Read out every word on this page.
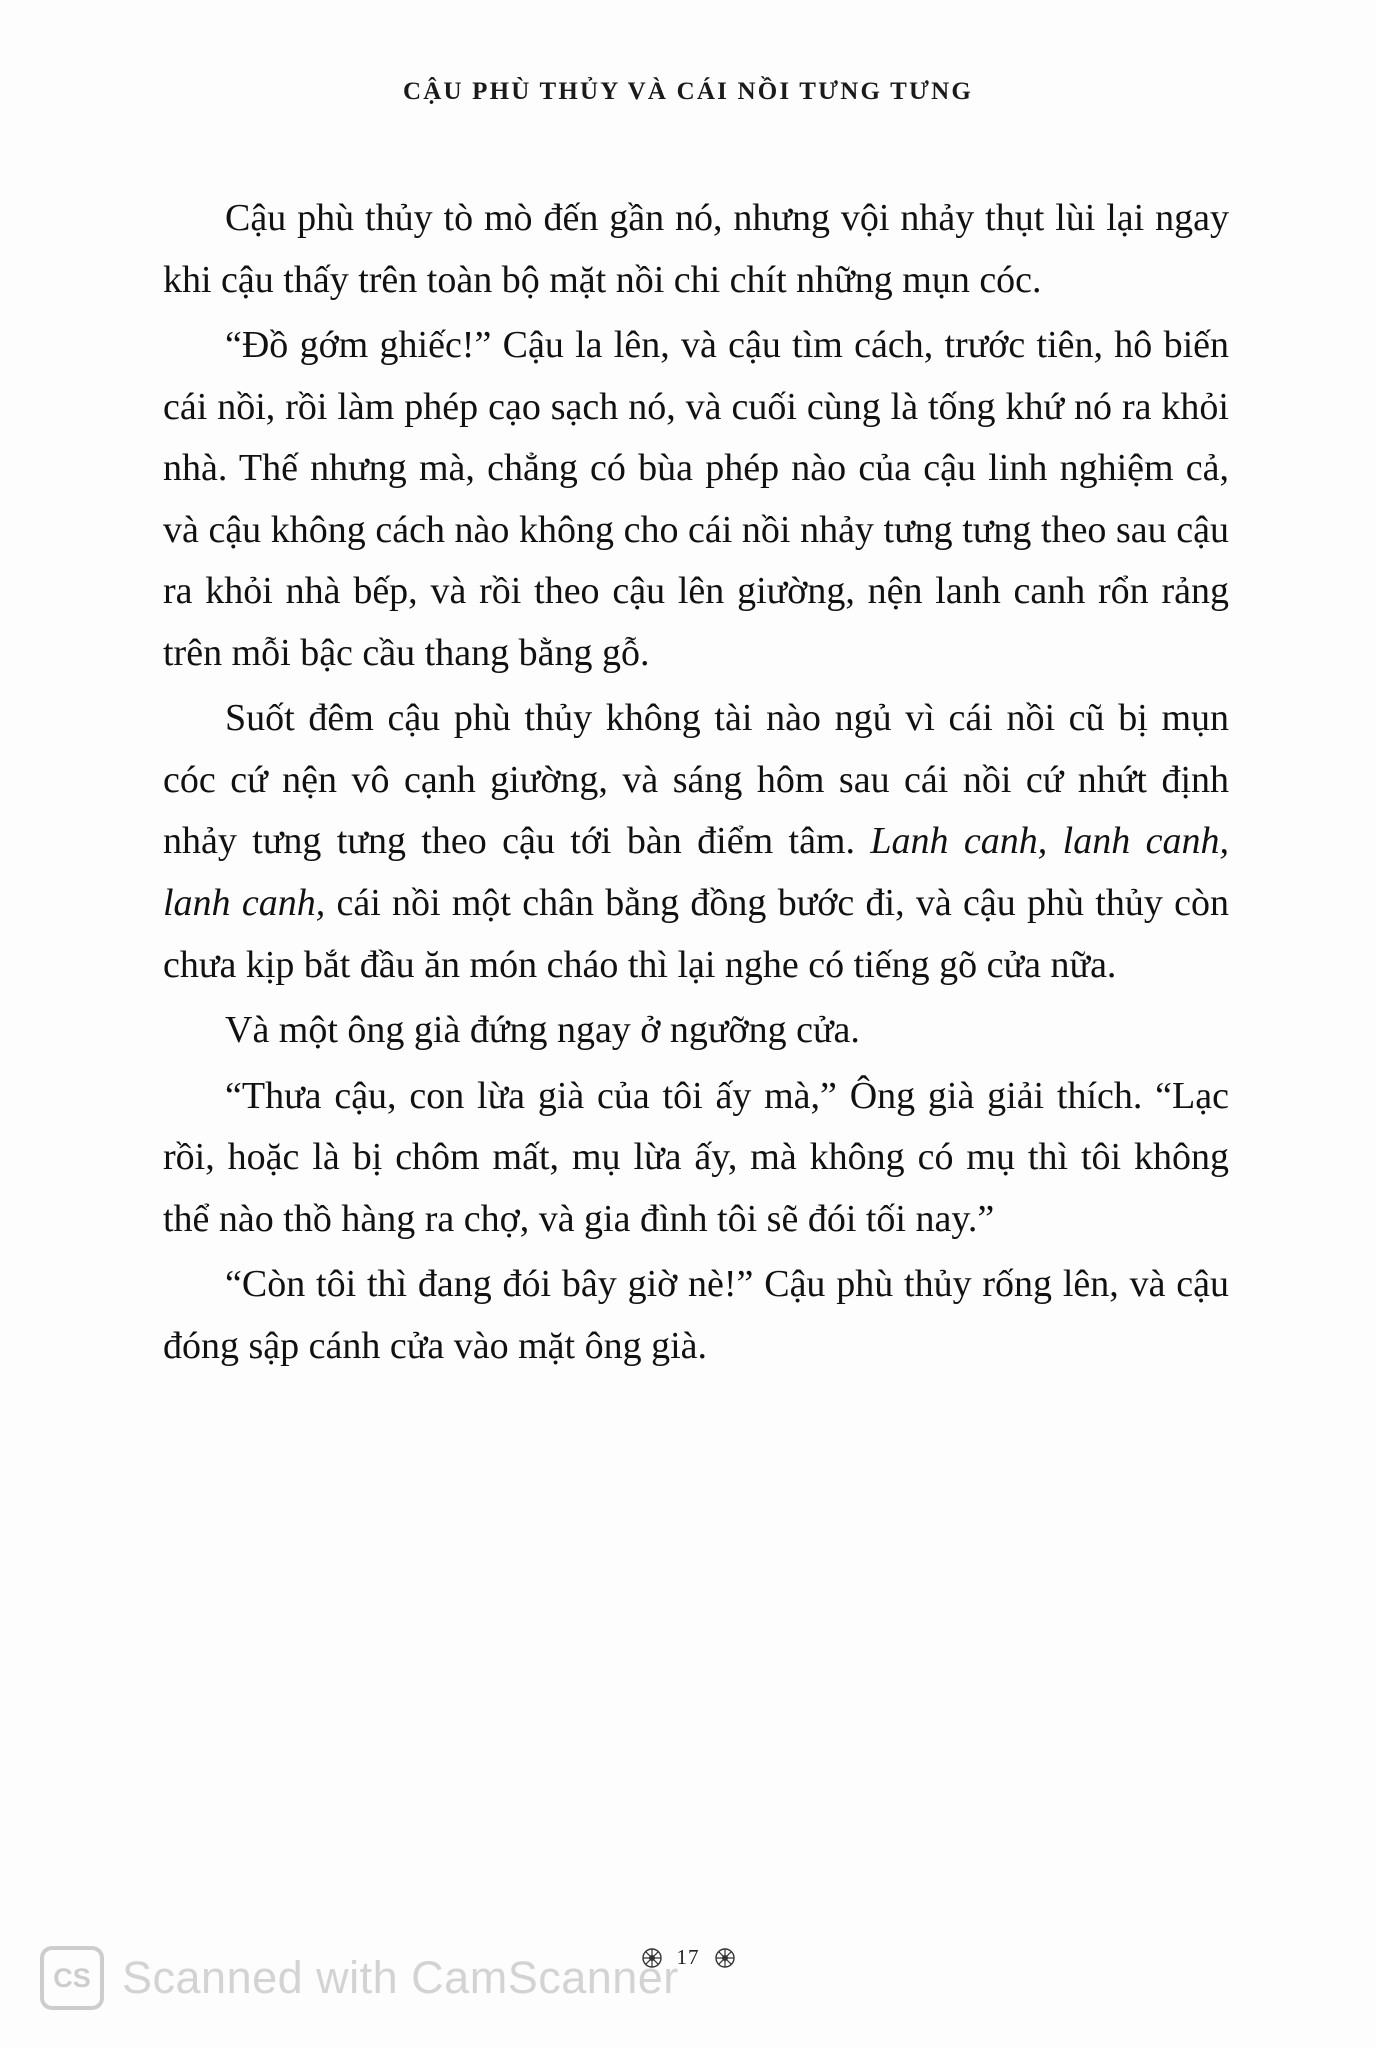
CẬU PHÙ THỦY VÀ CÁI NỒI TƯNG TƯNG

Cậu phù thủy tò mò đến gần nó, nhưng vội nhảy thụt lùi lại ngay khi cậu thấy trên toàn bộ mặt nồi chi chít những mụn cóc.

“Đồ gớm ghiếc!” Cậu la lên, và cậu tìm cách, trước tiên, hô biến cái nồi, rồi làm phép cạo sạch nó, và cuối cùng là tống khứ nó ra khỏi nhà. Thế nhưng mà, chẳng có bùa phép nào của cậu linh nghiệm cả, và cậu không cách nào không cho cái nồi nhảy tưng tưng theo sau cậu ra khỏi nhà bếp, và rồi theo cậu lên giường, nện lanh canh rổn rảng trên mỗi bậc cầu thang bằng gỗ.

Suốt đêm cậu phù thủy không tài nào ngủ vì cái nồi cũ bị mụn cóc cứ nện vô cạnh giường, và sáng hôm sau cái nồi cứ nhứt định nhảy tưng tưng theo cậu tới bàn điểm tâm. Lanh canh, lanh canh, lanh canh, cái nồi một chân bằng đồng bước đi, và cậu phù thủy còn chưa kịp bắt đầu ăn món cháo thì lại nghe có tiếng gõ cửa nữa.

Và một ông già đứng ngay ở ngưỡng cửa.

“Thưa cậu, con lừa già của tôi ấy mà,” Ông già giải thích. “Lạc rồi, hoặc là bị chôm mất, mụ lừa ấy, mà không có mụ thì tôi không thể nào thồ hàng ra chợ, và gia đình tôi sẽ đói tối nay.”

“Còn tôi thì đang đói bây giờ nè!” Cậu phù thủy rống lên, và cậu đóng sập cánh cửa vào mặt ông già.

17
CS Scanned with CamScanner
